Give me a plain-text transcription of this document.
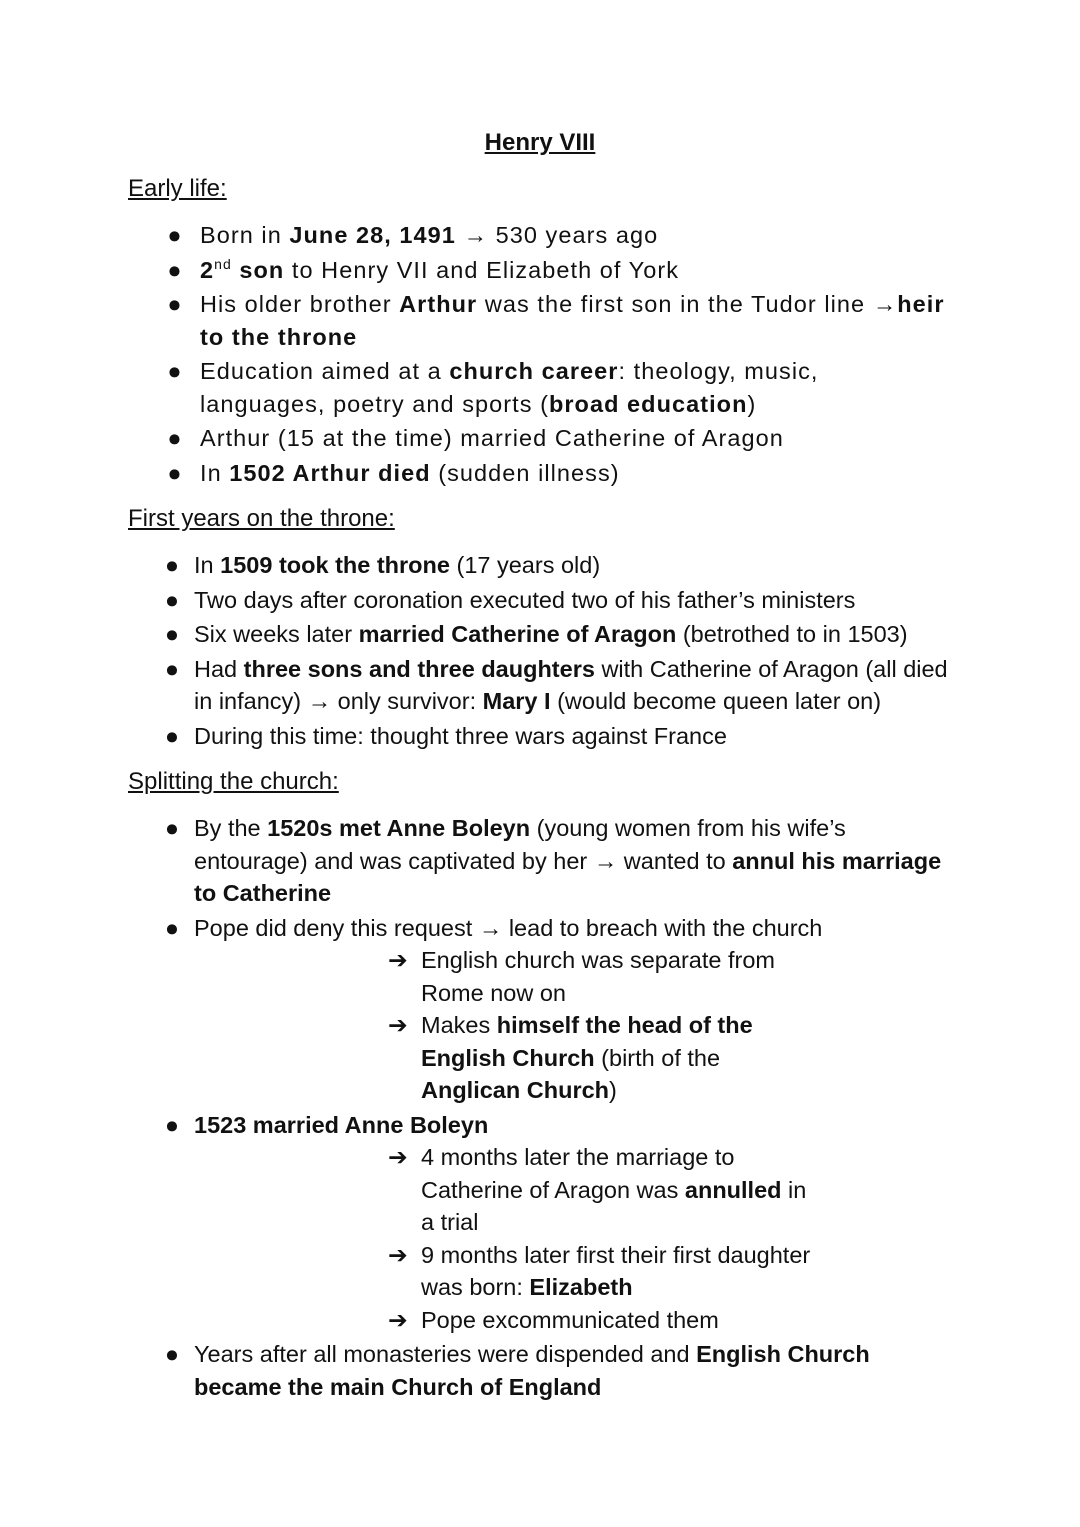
Henry VIII
Early life:
● Born in June 28, 1491 → 530 years ago
● 2nd son to Henry VII and Elizabeth of York
● His older brother Arthur was the first son in the Tudor line →heir to the throne
● Education aimed at a church career: theology, music, languages, poetry and sports (broad education)
● Arthur (15 at the time) married Catherine of Aragon
● In 1502 Arthur died (sudden illness)
First years on the throne:
● In 1509 took the throne (17 years old)
● Two days after coronation executed two of his father’s ministers
● Six weeks later married Catherine of Aragon (betrothed to in 1503)
● Had three sons and three daughters with Catherine of Aragon (all died in infancy) → only survivor: Mary I (would become queen later on)
● During this time: thought three wars against France
Splitting the church:
● By the 1520s met Anne Boleyn (young women from his wife’s entourage) and was captivated by her → wanted to annul his marriage to Catherine
● Pope did deny this request → lead to breach with the church
➔ English church was separate from Rome now on
➔ Makes himself the head of the English Church (birth of the Anglican Church)
● 1523 married Anne Boleyn
➔ 4 months later the marriage to Catherine of Aragon was annulled in a trial
➔ 9 months later first their first daughter was born: Elizabeth
➔ Pope excommunicated them
● Years after all monasteries were dispended and English Church became the main Church of England
